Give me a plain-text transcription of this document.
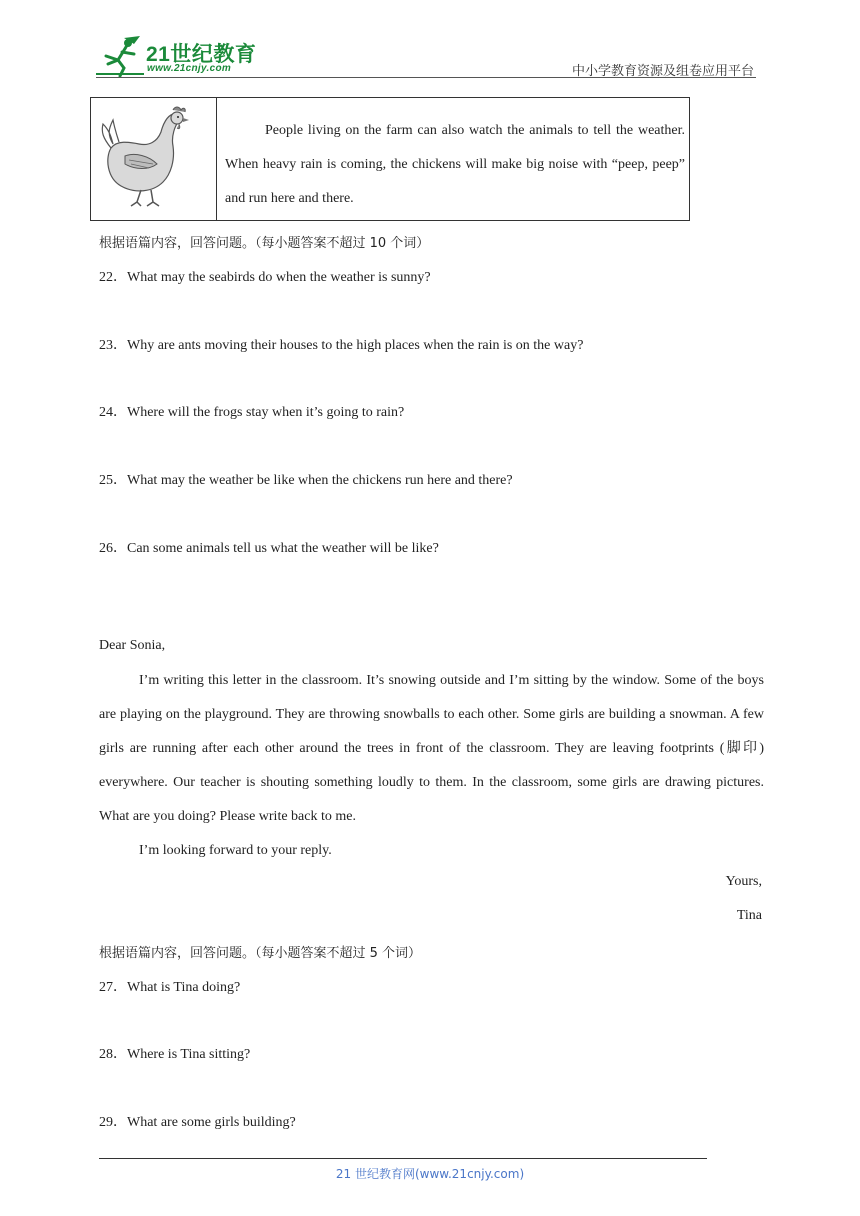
21世纪教育
www.21cnjy.com	中小学教育资源及组卷应用平台
People living on the farm can also watch the animals to tell the weather. When heavy rain is coming, the chickens will make big noise with “peep, peep” and run here and there.
根据语篇内容，回答问题。（每小题答案不超过 10 个词）
22．What may the seabirds do when the weather is sunny?
23．Why are ants moving their houses to the high places when the rain is on the way?
24．Where will the frogs stay when it’s going to rain?
25．What may the weather be like when the chickens run here and there?
26．Can some animals tell us what the weather will be like?
Dear Sonia,
I’m writing this letter in the classroom. It’s snowing outside and I’m sitting by the window. Some of the boys are playing on the playground. They are throwing snowballs to each other. Some girls are building a snowman. A few girls are running after each other around the trees in front of the classroom. They are leaving footprints (脚印) everywhere. Our teacher is shouting something loudly to them. In the classroom, some girls are drawing pictures. What are you doing? Please write back to me.
I’m looking forward to your reply.
Yours,
Tina
根据语篇内容，回答问题。（每小题答案不超过 5 个词）
27．What is Tina doing?
28．Where is Tina sitting?
29．What are some girls building?
21 世纪教育网(www.21cnjy.com)
